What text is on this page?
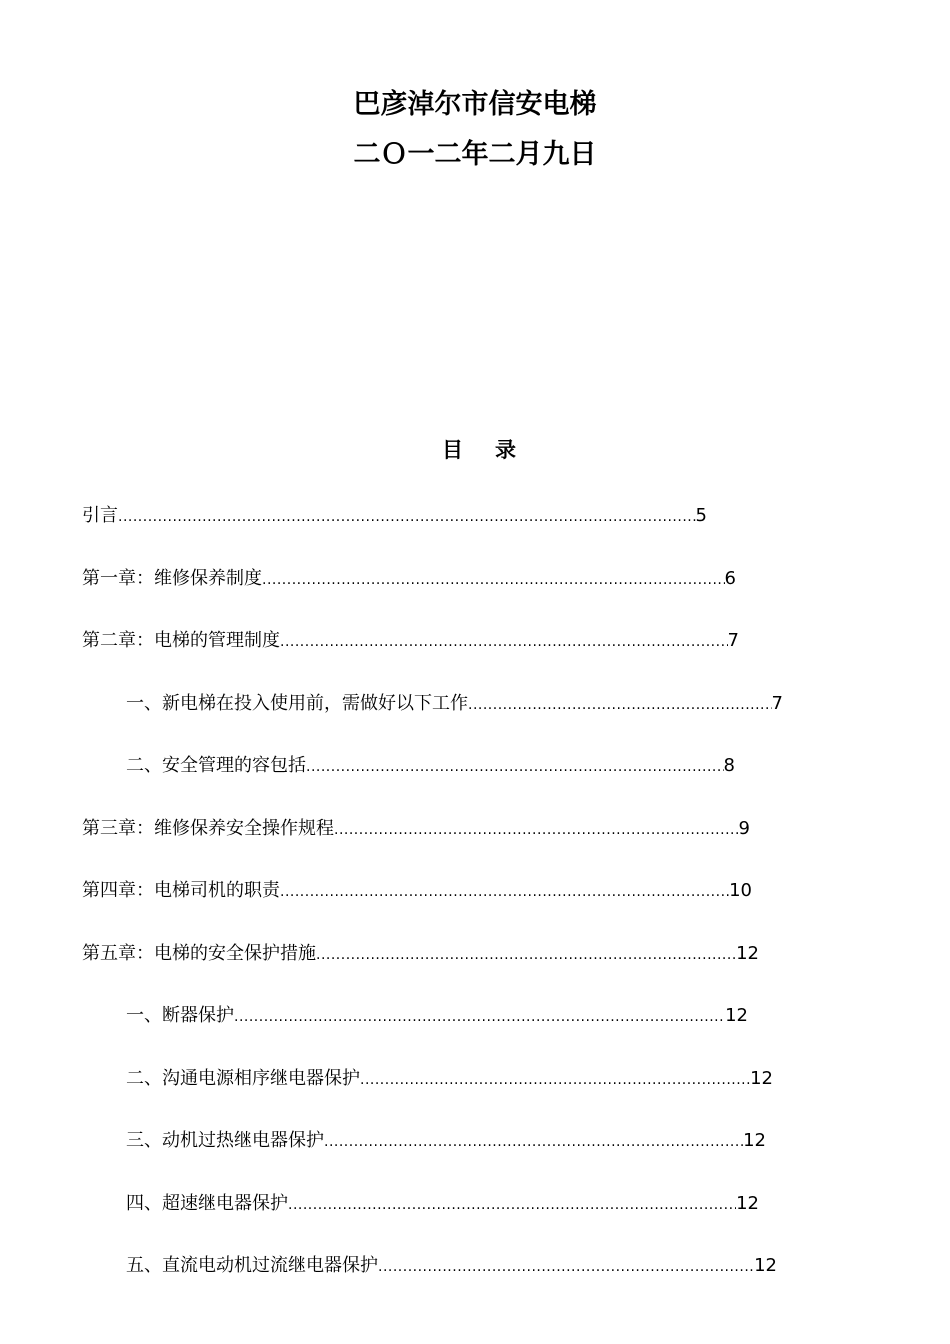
巴彦淖尔市信安电梯
二Ｏ一二年二月九日
目 录
引言 .....	5
第一章：维修保养制度 .....	6
第二章：电梯的管理制度 .....	7
一、新电梯在投入使用前，需做好以下工作 .....	7
二、安全管理的容包括 .....	8
第三章：维修保养安全操作规程 .....	9
第四章：电梯司机的职责 .....	10
第五章：电梯的安全保护措施 .....	12
一、断器保护 .....	12
二、沟通电源相序继电器保护 .....	12
三、动机过热继电器保护 .....	12
四、超速继电器保护 .....	12
五、直流电动机过流继电器保护 .....	12
